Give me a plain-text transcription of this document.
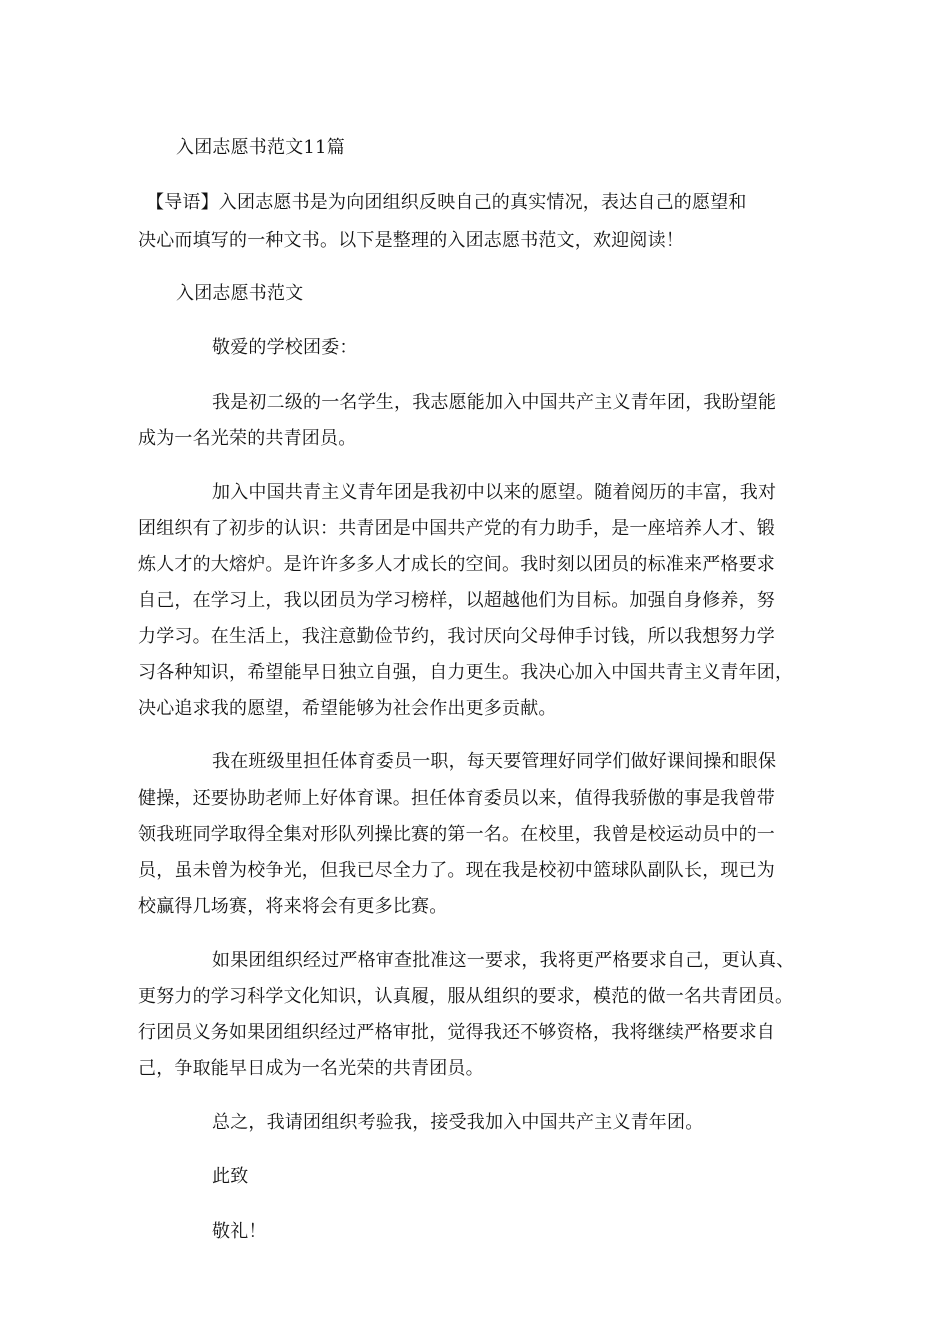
入团志愿书范文11篇
【导语】入团志愿书是为向团组织反映自己的真实情况，表达自己的愿望和
决心而填写的一种文书。以下是整理的入团志愿书范文，欢迎阅读！
入团志愿书范文
敬爱的学校团委：
我是初二级的一名学生，我志愿能加入中国共产主义青年团，我盼望能
成为一名光荣的共青团员。
加入中国共青主义青年团是我初中以来的愿望。随着阅历的丰富，我对
团组织有了初步的认识：共青团是中国共产党的有力助手，是一座培养人才、锻
炼人才的大熔炉。是许许多多人才成长的空间。我时刻以团员的标准来严格要求
自己，在学习上，我以团员为学习榜样，以超越他们为目标。加强自身修养，努
力学习。在生活上，我注意勤俭节约，我讨厌向父母伸手讨钱，所以我想努力学
习各种知识，希望能早日独立自强，自力更生。我决心加入中国共青主义青年团，
决心追求我的愿望，希望能够为社会作出更多贡献。
我在班级里担任体育委员一职，每天要管理好同学们做好课间操和眼保
健操，还要协助老师上好体育课。担任体育委员以来，值得我骄傲的事是我曾带
领我班同学取得全集对形队列操比赛的第一名。在校里，我曾是校运动员中的一
员，虽未曾为校争光，但我已尽全力了。现在我是校初中篮球队副队长，现已为
校赢得几场赛，将来将会有更多比赛。
如果团组织经过严格审查批准这一要求，我将更严格要求自己，更认真、
更努力的学习科学文化知识，认真履，服从组织的要求，模范的做一名共青团员。
行团员义务如果团组织经过严格审批，觉得我还不够资格，我将继续严格要求自
己，争取能早日成为一名光荣的共青团员。
总之，我请团组织考验我，接受我加入中国共产主义青年团。
此致
敬礼！
